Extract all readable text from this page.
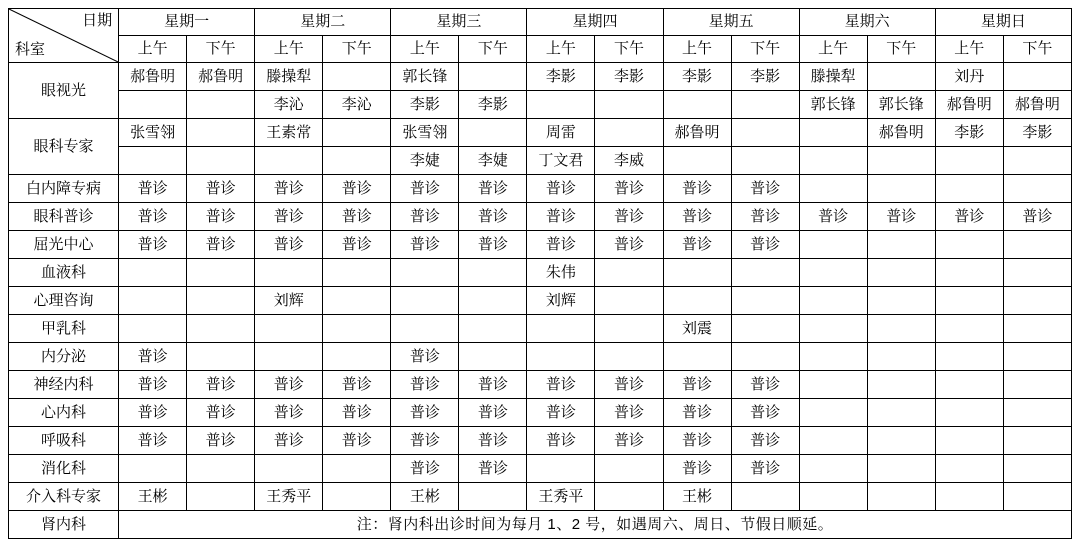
日期
科室	星期一		星期二		星期三		星期四		星期五		星期六		星期日	
	上午	下午	上午	下午	上午	下午	上午	下午	上午	下午	上午	下午	上午	下午
眼视光	郝鲁明	郝鲁明	滕操犁		郭长锋		李影	李影	李影	李影	滕操犁		刘丹	
			李沁	李沁	李影	李影					郭长锋	郭长锋	郝鲁明	郝鲁明
眼科专家	张雪翎		王素常		张雪翎		周雷		郝鲁明			郝鲁明	李影	李影
					李婕	李婕	丁文君	李威						
白内障专病	普诊	普诊	普诊	普诊	普诊	普诊	普诊	普诊	普诊	普诊				
眼科普诊	普诊	普诊	普诊	普诊	普诊	普诊	普诊	普诊	普诊	普诊	普诊	普诊	普诊	普诊
屈光中心	普诊	普诊	普诊	普诊	普诊	普诊	普诊	普诊	普诊	普诊				
血液科							朱伟							
心理咨询			刘辉				刘辉							
甲乳科									刘震					
内分泌	普诊				普诊									
神经内科	普诊	普诊	普诊	普诊	普诊	普诊	普诊	普诊	普诊	普诊				
心内科	普诊	普诊	普诊	普诊	普诊	普诊	普诊	普诊	普诊	普诊				
呼吸科	普诊	普诊	普诊	普诊	普诊	普诊	普诊	普诊	普诊	普诊				
消化科					普诊	普诊			普诊	普诊				
介入科专家	王彬		王秀平		王彬		王秀平		王彬					
肾内科	注：肾内科出诊时间为每月 1、2 号，如遇周六、周日、节假日顺延。													
